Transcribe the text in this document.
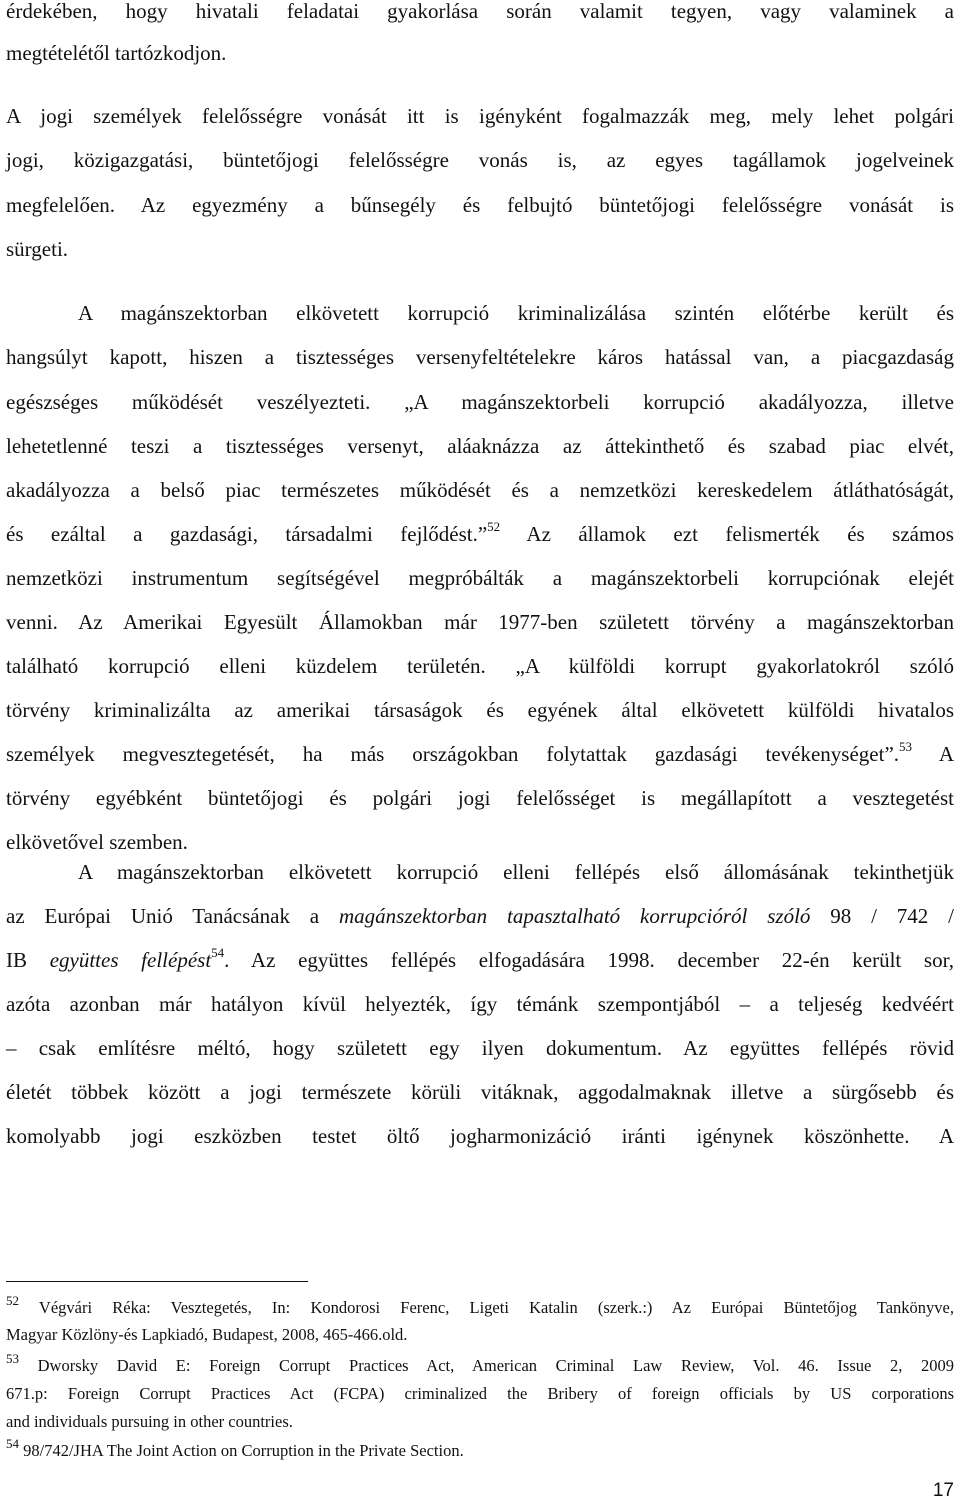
érdekében, hogy hivatali feladatai gyakorlása során valamit tegyen, vagy valaminek a
megtételétől tartózkodjon.
A jogi személyek felelősségre vonását itt is igényként fogalmazzák meg, mely lehet polgári
jogi, közigazgatási, büntetőjogi felelősségre vonás is, az egyes tagállamok jogelveinek
megfelelően. Az egyezmény a bűnsegély és felbujtó büntetőjogi felelősségre vonását is
sürgeti.
A magánszektorban elkövetett korrupció kriminalizálása szintén előtérbe került és
hangsúlyt kapott, hiszen a tisztességes versenyfeltételekre káros hatással van, a piacgazdaság
egészséges működését veszélyezteti. „A magánszektorbeli korrupció akadályozza, illetve
lehetetlenné teszi a tisztességes versenyt, aláaknázza az áttekinthető és szabad piac elvét,
akadályozza a belső piac természetes működését és a nemzetközi kereskedelem átláthatóságát,
és ezáltal a gazdasági, társadalmi fejlődést.”$^{52}$ Az államok ezt felismerték és számos
nemzetközi instrumentum segítségével megpróbálták a magánszektorbeli korrupciónak elejét
venni. Az Amerikai Egyesült Államokban már 1977-ben született törvény a magánszektorban
található korrupció elleni küzdelem területén. „A külföldi korrupt gyakorlatokról szóló
törvény kriminalizálta az amerikai társaságok és egyének által elkövetett külföldi hivatalos
személyek megvesztegetését, ha más országokban folytattak gazdasági tevékenységet”.$^{53}$ A
törvény egyébként büntetőjogi és polgári jogi felelősséget is megállapított a vesztegetést
elkövetővel szemben.
A magánszektorban elkövetett korrupció elleni fellépés első állomásának tekinthetjük
az Európai Unió Tanácsának a magánszektorban tapasztalható korrupcióról szóló 98 / 742 /
IB együttes fellépést$^{54}$. Az együttes fellépés elfogadására 1998. december 22-én került sor,
azóta azonban már hatályon kívül helyezték, így témánk szempontjából – a teljeség kedvéért
– csak említésre méltó, hogy született egy ilyen dokumentum. Az együttes fellépés rövid
életét többek között a jogi természete körüli vitáknak, aggodalmaknak illetve a sürgősebb és
komolyabb jogi eszközben testet öltő jogharmonizáció iránti igénynek köszönhette. A
$^{52}$ Végvári Réka: Vesztegetés, In: Kondorosi Ferenc, Ligeti Katalin (szerk.:) Az Európai Büntetőjog Tankönyve,
Magyar Közlöny-és Lapkiadó, Budapest, 2008, 465-466.old.
$^{53}$ Dworsky David E: Foreign Corrupt Practices Act, American Criminal Law Review, Vol. 46. Issue 2, 2009
671.p: Foreign Corrupt Practices Act (FCPA) criminalized the Bribery of foreign officials by US corporations
and individuals pursuing in other countries.
$^{54}$ 98/742/JHA The Joint Action on Corruption in the Private Section.
17
